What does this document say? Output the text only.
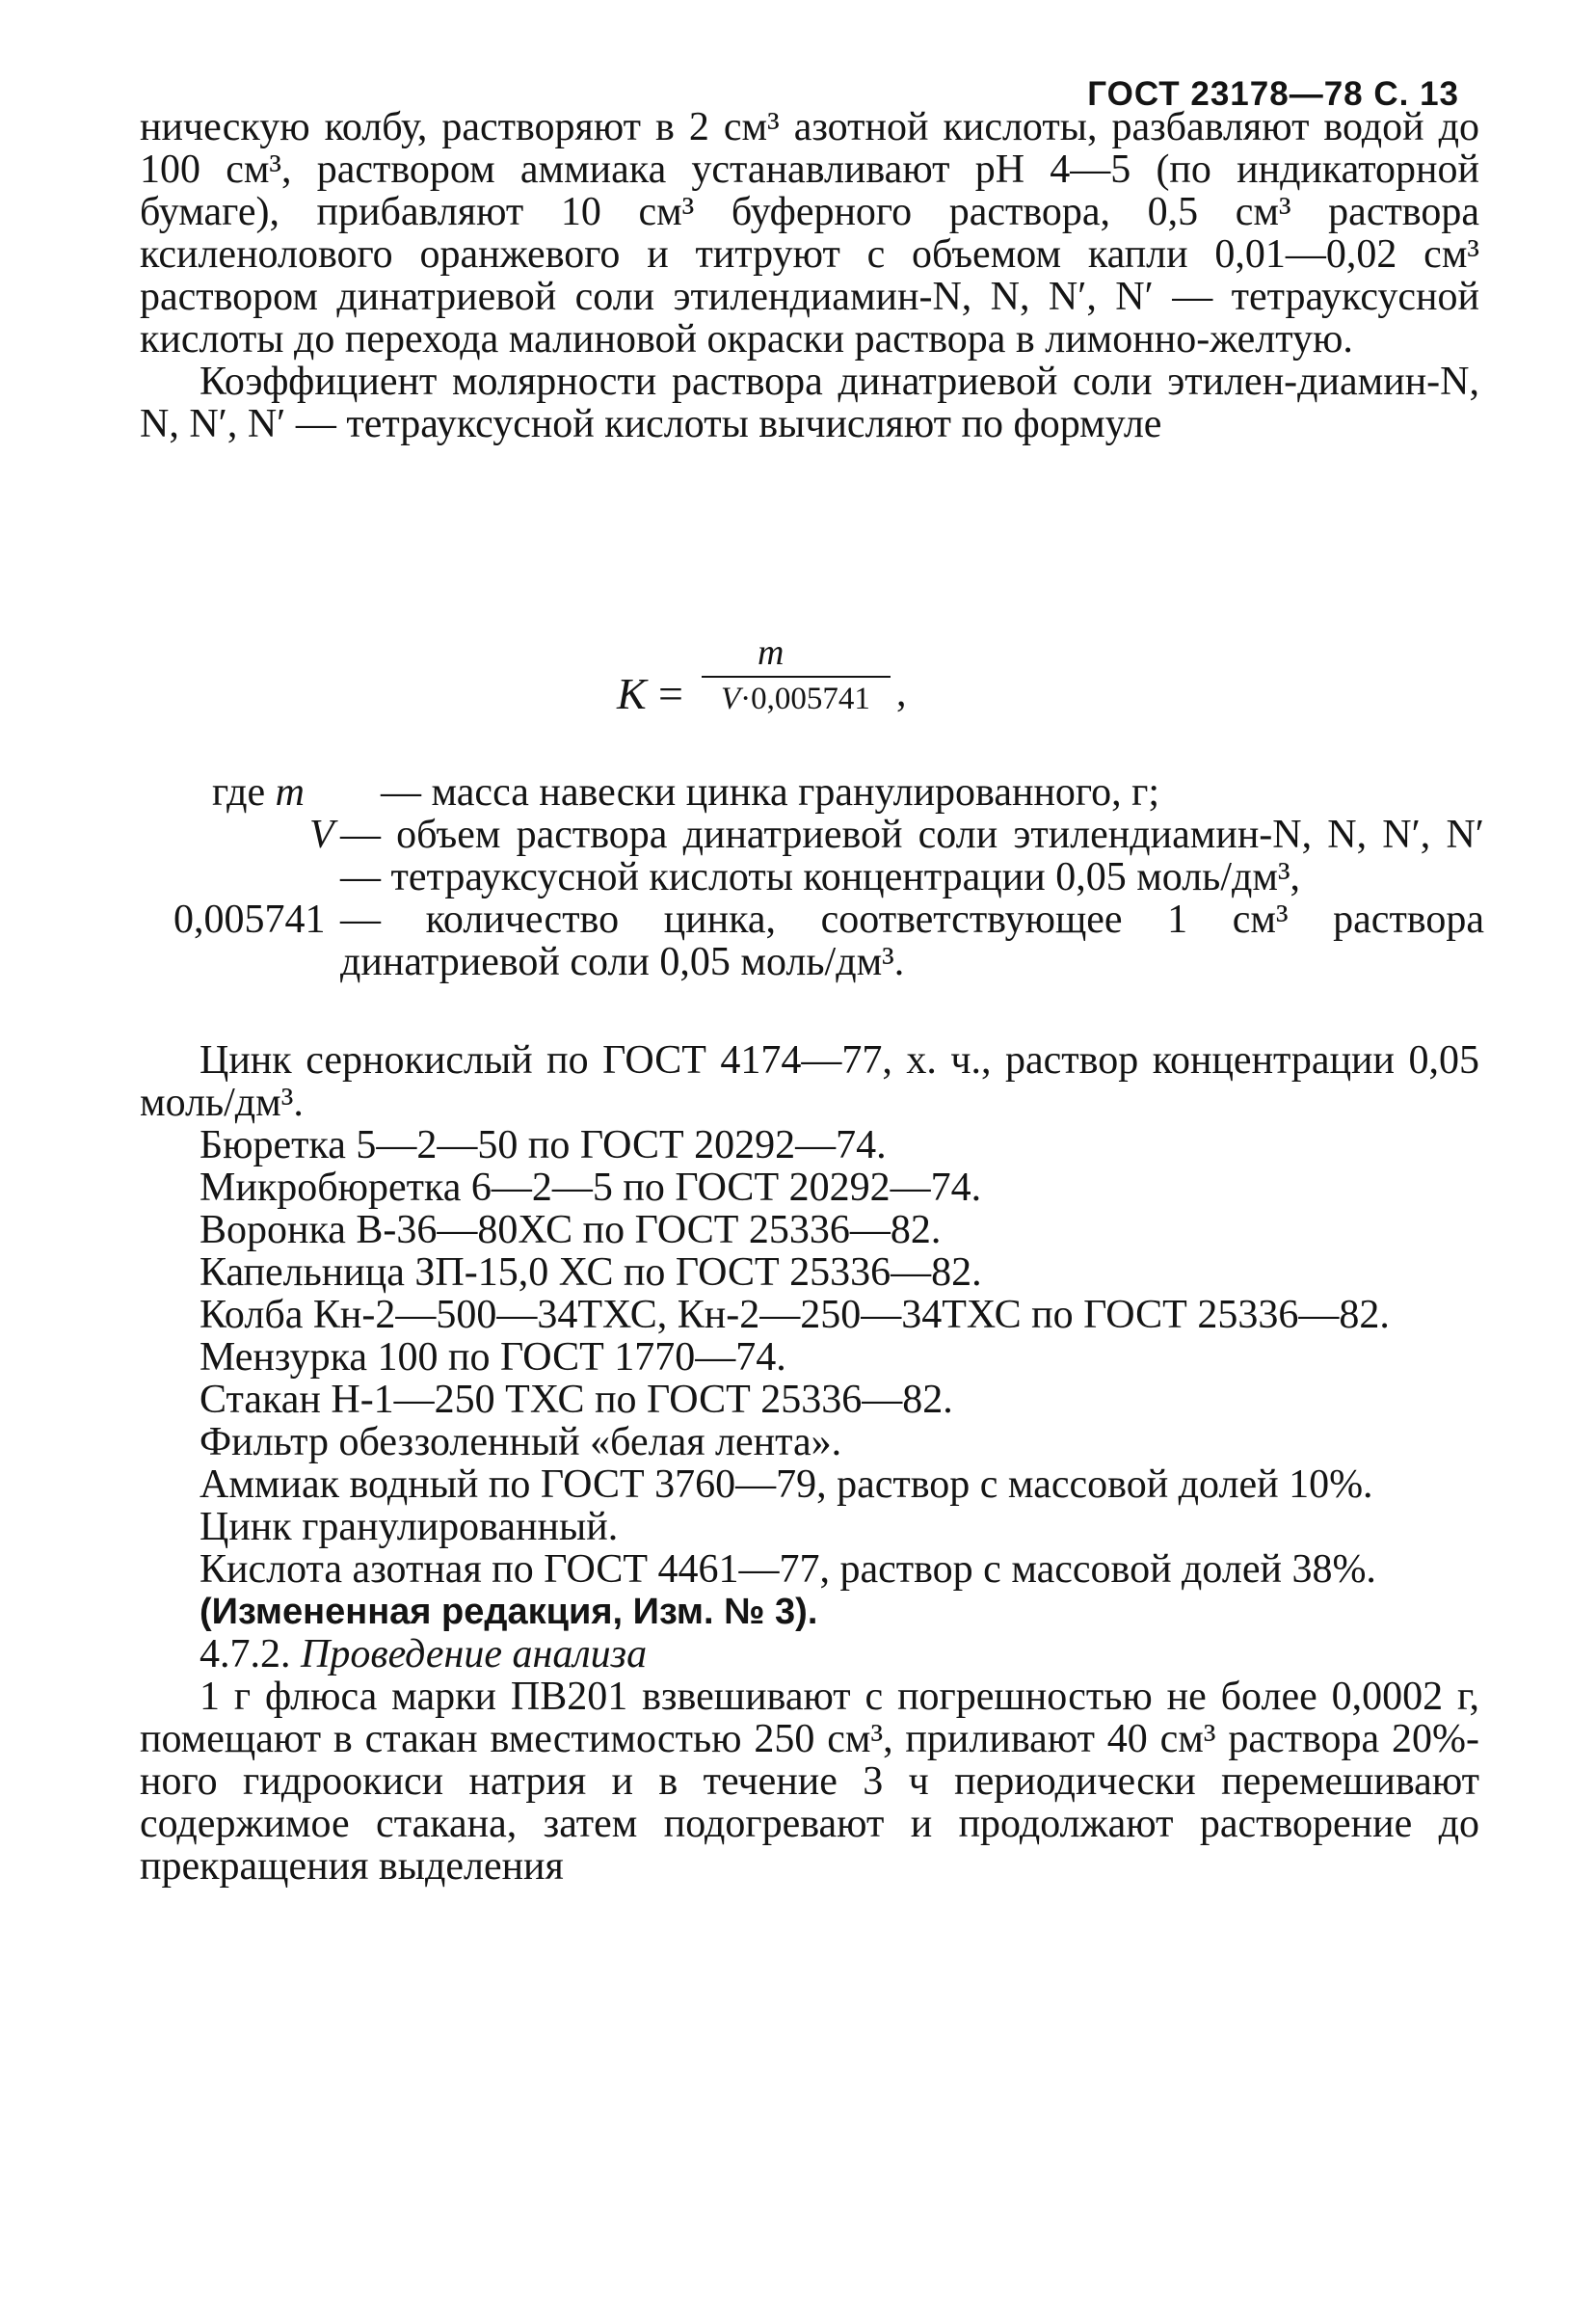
ГОСТ 23178—78 С. 13

ническую колбу, растворяют в 2 см³ азотной кислоты, разбавляют водой до 100 см³, раствором аммиака устанавливают pH 4—5 (по индикаторной бумаге), прибавляют 10 см³ буферного раствора, 0,5 см³ раствора ксиленолового оранжевого и титруют с объемом капли 0,01—0,02 см³ раствором динатриевой соли этилендиамин-N, N, N′, N′ — тетрауксусной кислоты до перехода малиновой окраски раствора в лимонно-желтую.

Коэффициент молярности раствора динатриевой соли этилен-диамин-N, N, N′, N′ — тетрауксусной кислоты вычисляют по формуле

K =
m
V·0,005741 ,
где m — масса навески цинка гранулированного, г;
V — объем раствора динатриевой соли этилендиамин-N, N, N′, N′ — тетрауксусной кислоты концентрации 0,05 моль/дм³,
0,005741 — количество цинка, соответствующее 1 см³ раствора динатриевой соли 0,05 моль/дм³.

Цинк сернокислый по ГОСТ 4174—77, х. ч., раствор концентрации 0,05 моль/дм³.

Бюретка 5—2—50 по ГОСТ 20292—74.

Микробюретка 6—2—5 по ГОСТ 20292—74.

Воронка В-36—80ХС по ГОСТ 25336—82.

Капельница ЗП-15,0 ХС по ГОСТ 25336—82.

Колба Кн-2—500—34ТХС, Кн-2—250—34ТХС по ГОСТ 25336—82.

Мензурка 100 по ГОСТ 1770—74.

Стакан Н-1—250 ТХС по ГОСТ 25336—82.

Фильтр обеззоленный «белая лента».

Аммиак водный по ГОСТ 3760—79, раствор с массовой долей 10%.

Цинк гранулированный.

Кислота азотная по ГОСТ 4461—77, раствор с массовой долей 38%.

(Измененная редакция, Изм. № 3).

4.7.2. Проведение анализа

1 г флюса марки ПВ201 взвешивают с погрешностью не более 0,0002 г, помещают в стакан вместимостью 250 см³, приливают 40 см³ раствора 20%-ного гидроокиси натрия и в течение 3 ч периодически перемешивают содержимое стакана, затем подогревают и продолжают растворение до прекращения выделения
